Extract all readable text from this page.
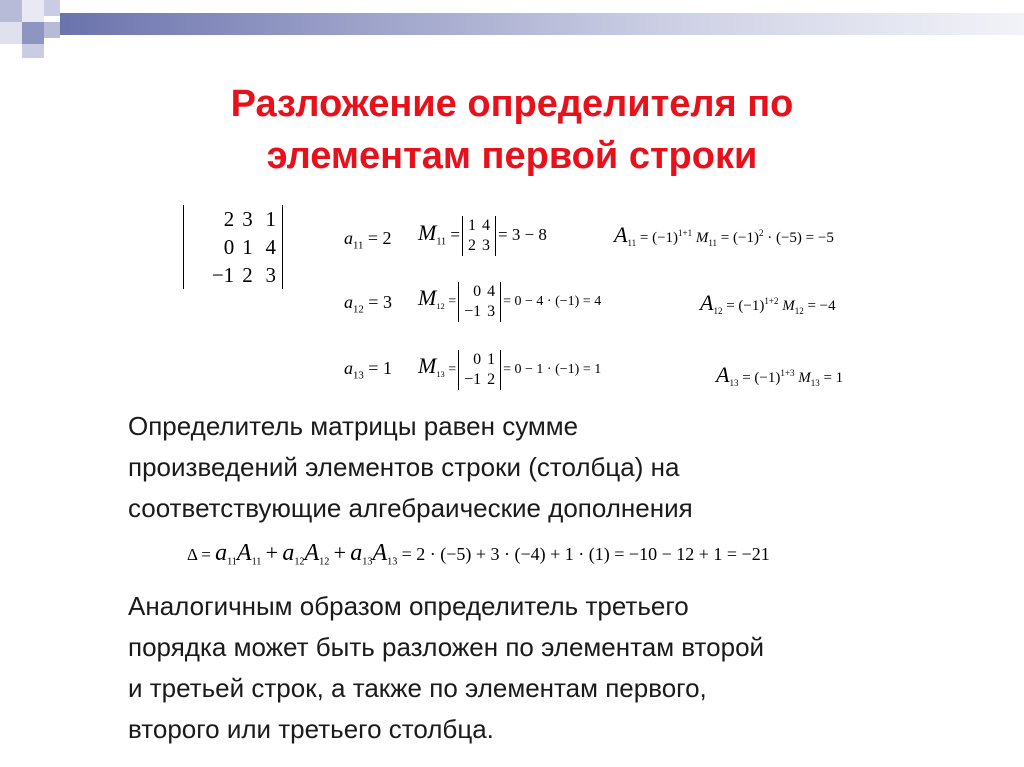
Разложение определителя по
элементам первой строки
2	3	1
0	1	4
−1	2	3
$a_{11} = 2$ $M_{11} = 1$	4
2	3
= 3 − 8	$A_{11} = (-1)^{1+1}$ $M_{11} = (-1)^2 \cdot (-5) = -5$
$a_{12} = 3$ $M_{12}$ =
0	4
−1	3
= 0 − 4 · (−1) = 4	$A_{12} = (-1)^{1+2}$ $M_{12} = -4$
$a_{13} = 1$ $M_{13}$ =
0	1
−1	2
= 0 − 1 · (−1) = 1	$A_{13} = (-1)^{1+3}$ $M_{13} = 1$

Определитель матрицы равен сумме
произведений элементов строки (столбца) на
соответствующие алгебраические дополнения

$\Delta = a_{11}A_{11} + a_{12}A_{12} + a_{13}A_{13} = 2 \cdot (-5) + 3 \cdot (-4) + 1 \cdot (1) = -10 - 12 + 1 = -21$

Аналогичным образом определитель третьего
порядка может быть разложен по элементам второй
и третьей строк, а также по элементам первого,
второго или третьего столбца.
